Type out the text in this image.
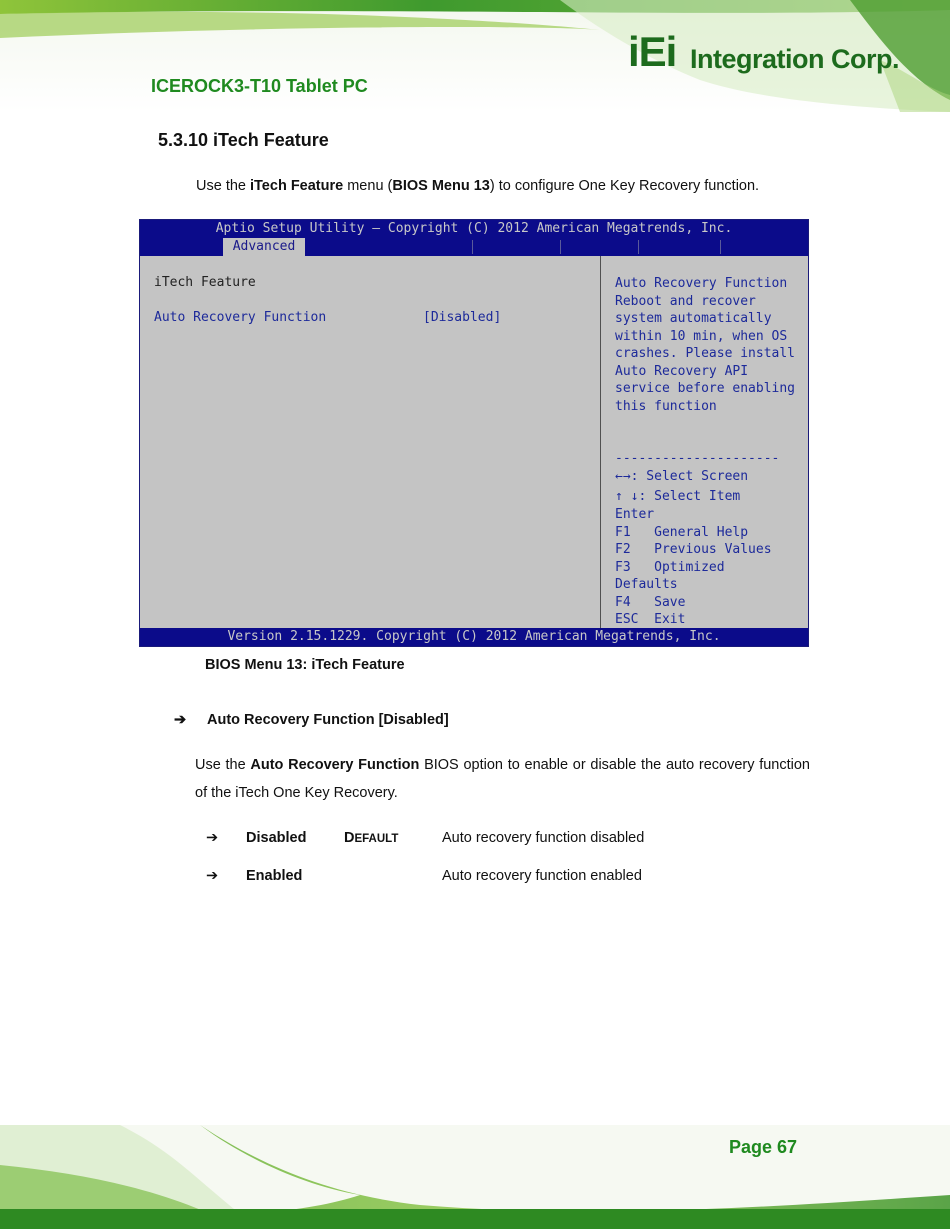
iEi Integration Corp.
ICEROCK3-T10 Tablet PC
5.3.10 iTech Feature
Use the iTech Feature menu (BIOS Menu 13) to configure One Key Recovery function.
Aptio Setup Utility – Copyright (C) 2012 American Megatrends, Inc.
Advanced
iTech Feature
Auto Recovery Function	[Disabled]
Auto Recovery Function
Reboot and recover
system automatically
within 10 min, when OS
crashes. Please install
Auto Recovery API
service before enabling
this function
---------------------
←→: Select Screen
↑ ↓: Select Item
Enter
F1   General Help
F2   Previous Values
F3   Optimized
Defaults
F4   Save
ESC  Exit
Version 2.15.1229. Copyright (C) 2012 American Megatrends, Inc.
BIOS Menu 13: iTech Feature
➔ Auto Recovery Function [Disabled]
Use the Auto Recovery Function BIOS option to enable or disable the auto recovery function of the iTech One Key Recovery.
➔ Disabled	DEFAULT	Auto recovery function disabled
➔ Enabled	Auto recovery function enabled
Page 67
